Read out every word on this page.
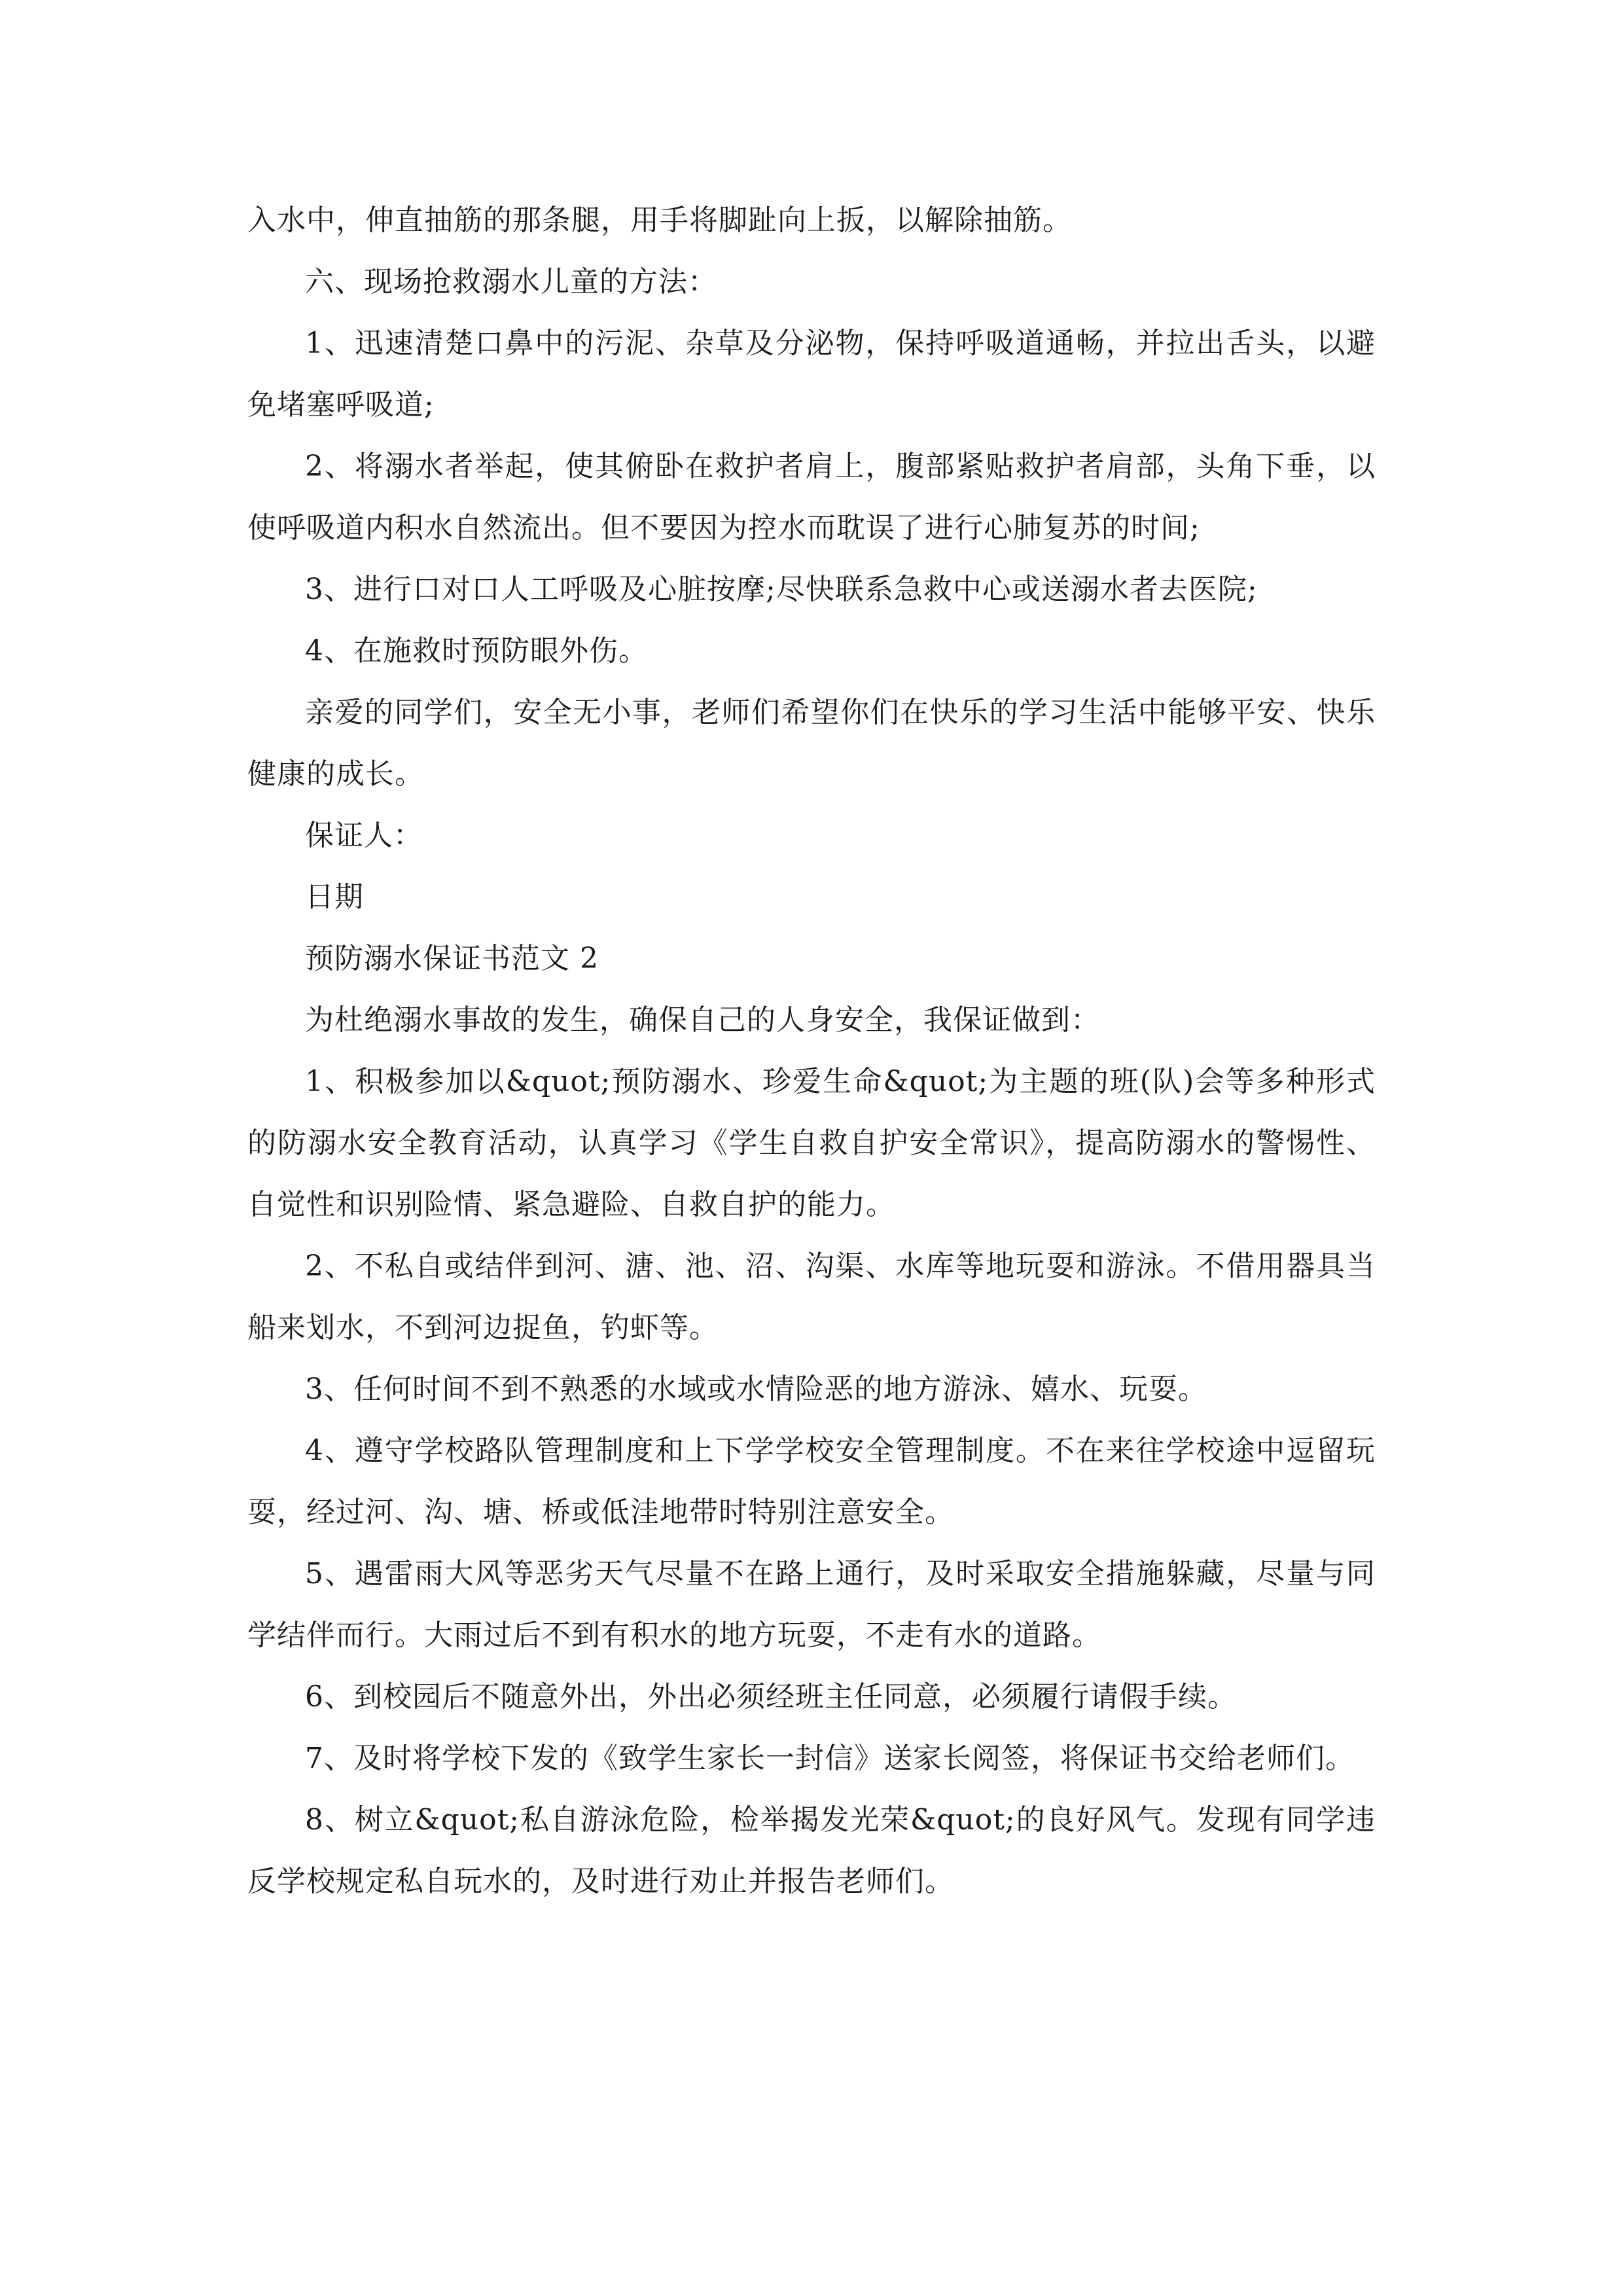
入水中，伸直抽筋的那条腿，用手将脚趾向上扳，以解除抽筋。

六、现场抢救溺水儿童的方法：

1、迅速清楚口鼻中的污泥、杂草及分泌物，保持呼吸道通畅，并拉出舌头，以避免堵塞呼吸道;

2、将溺水者举起，使其俯卧在救护者肩上，腹部紧贴救护者肩部，头角下垂，以使呼吸道内积水自然流出。但不要因为控水而耽误了进行心肺复苏的时间;

3、进行口对口人工呼吸及心脏按摩;尽快联系急救中心或送溺水者去医院;

4、在施救时预防眼外伤。

亲爱的同学们，安全无小事，老师们希望你们在快乐的学习生活中能够平安、快乐健康的成长。

保证人：

日期

预防溺水保证书范文 2

为杜绝溺水事故的发生，确保自己的人身安全，我保证做到：

1、积极参加以&quot;预防溺水、珍爱生命&quot;为主题的班(队)会等多种形式的防溺水安全教育活动，认真学习《学生自救自护安全常识》，提高防溺水的警惕性、自觉性和识别险情、紧急避险、自救自护的能力。

2、不私自或结伴到河、溏、池、沼、沟渠、水库等地玩耍和游泳。不借用器具当船来划水，不到河边捉鱼，钓虾等。

3、任何时间不到不熟悉的水域或水情险恶的地方游泳、嬉水、玩耍。

4、遵守学校路队管理制度和上下学学校安全管理制度。不在来往学校途中逗留玩耍，经过河、沟、塘、桥或低洼地带时特别注意安全。

5、遇雷雨大风等恶劣天气尽量不在路上通行，及时采取安全措施躲藏，尽量与同学结伴而行。大雨过后不到有积水的地方玩耍，不走有水的道路。

6、到校园后不随意外出，外出必须经班主任同意，必须履行请假手续。

7、及时将学校下发的《致学生家长一封信》送家长阅签，将保证书交给老师们。

8、树立&quot;私自游泳危险，检举揭发光荣&quot;的良好风气。发现有同学违反学校规定私自玩水的，及时进行劝止并报告老师们。
